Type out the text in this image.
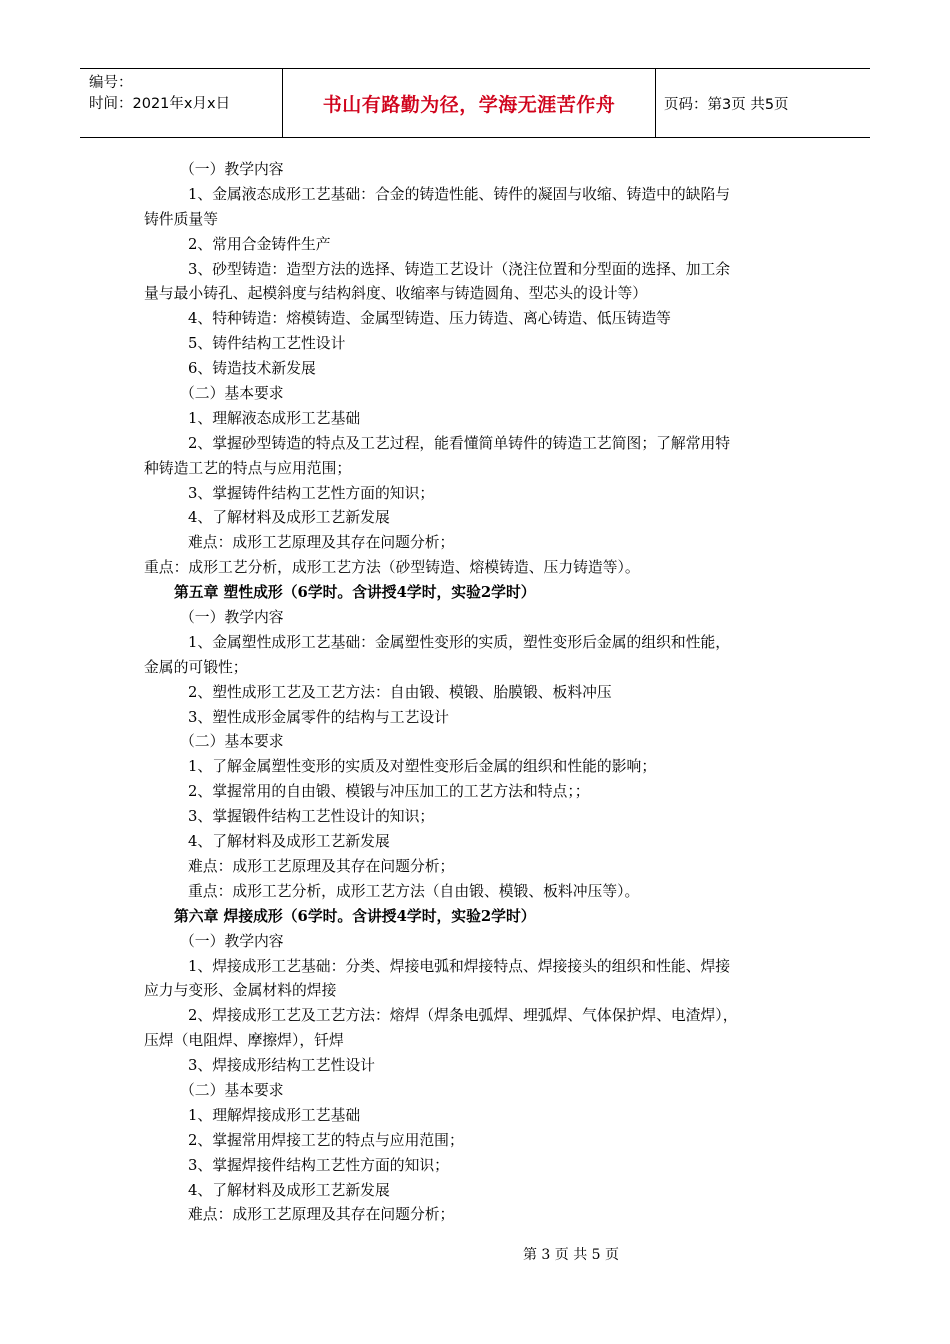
编号：
时间：2021年x月x日	书山有路勤为径，学海无涯苦作舟	页码：第3页 共5页
（一）教学内容
1、金属液态成形工艺基础：合金的铸造性能、铸件的凝固与收缩、铸造中的缺陷与
铸件质量等
2、常用合金铸件生产
3、砂型铸造：造型方法的选择、铸造工艺设计（浇注位置和分型面的选择、加工余
量与最小铸孔、起模斜度与结构斜度、收缩率与铸造圆角、型芯头的设计等）
4、特种铸造：熔模铸造、金属型铸造、压力铸造、离心铸造、低压铸造等
5、铸件结构工艺性设计
6、铸造技术新发展
（二）基本要求
1、理解液态成形工艺基础
2、掌握砂型铸造的特点及工艺过程，能看懂简单铸件的铸造工艺简图；了解常用特
种铸造工艺的特点与应用范围；
3、掌握铸件结构工艺性方面的知识；
4、了解材料及成形工艺新发展
难点：成形工艺原理及其存在问题分析；
重点：成形工艺分析，成形工艺方法（砂型铸造、熔模铸造、压力铸造等）。
第五章 塑性成形（6学时。含讲授4学时，实验2学时）
（一）教学内容
1、金属塑性成形工艺基础：金属塑性变形的实质，塑性变形后金属的组织和性能，
金属的可锻性；
2、塑性成形工艺及工艺方法：自由锻、模锻、胎膜锻、板料冲压
3、塑性成形金属零件的结构与工艺设计
（二）基本要求
1、了解金属塑性变形的实质及对塑性变形后金属的组织和性能的影响；
2、掌握常用的自由锻、模锻与冲压加工的工艺方法和特点；；
3、掌握锻件结构工艺性设计的知识；
4、了解材料及成形工艺新发展
难点：成形工艺原理及其存在问题分析；
重点：成形工艺分析，成形工艺方法（自由锻、模锻、板料冲压等）。
第六章 焊接成形（6学时。含讲授4学时，实验2学时）
（一）教学内容
1、焊接成形工艺基础：分类、焊接电弧和焊接特点、焊接接头的组织和性能、焊接
应力与变形、金属材料的焊接
2、焊接成形工艺及工艺方法：熔焊（焊条电弧焊、埋弧焊、气体保护焊、电渣焊），
压焊（电阻焊、摩擦焊），钎焊
3、焊接成形结构工艺性设计
（二）基本要求
1、理解焊接成形工艺基础
2、掌握常用焊接工艺的特点与应用范围；
3、掌握焊接件结构工艺性方面的知识；
4、了解材料及成形工艺新发展
难点：成形工艺原理及其存在问题分析；
第 3 页 共 5 页
